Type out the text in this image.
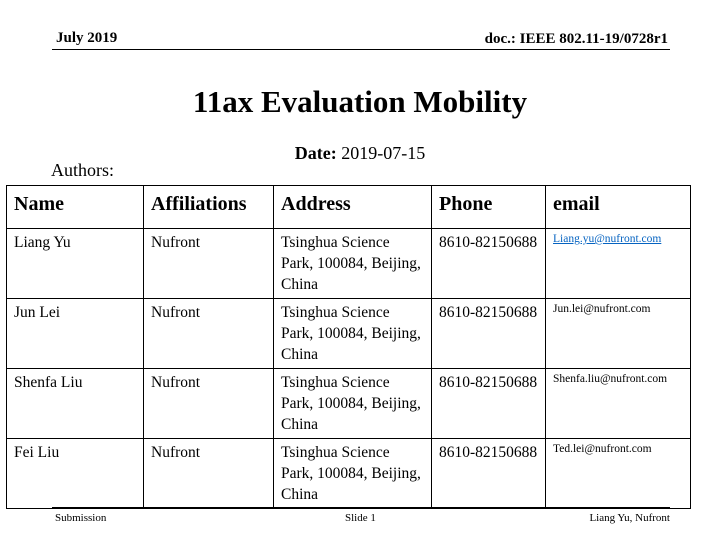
July 2019	doc.: IEEE 802.11-19/0728r1
11ax Evaluation Mobility
Date: 2019-07-15
Authors:
Name	Affiliations	Address	Phone	email
Liang Yu	Nufront	Tsinghua Science Park, 100084, Beijing, China	8610-82150688	Liang.yu@nufront.com
Jun Lei	Nufront	Tsinghua Science Park, 100084, Beijing, China	8610-82150688	Jun.lei@nufront.com
Shenfa Liu	Nufront	Tsinghua Science Park, 100084, Beijing, China	8610-82150688	Shenfa.liu@nufront.com
Fei Liu	Nufront	Tsinghua Science Park, 100084, Beijing, China	8610-82150688	Ted.lei@nufront.com
Submission	Slide 1	Liang Yu, Nufront
